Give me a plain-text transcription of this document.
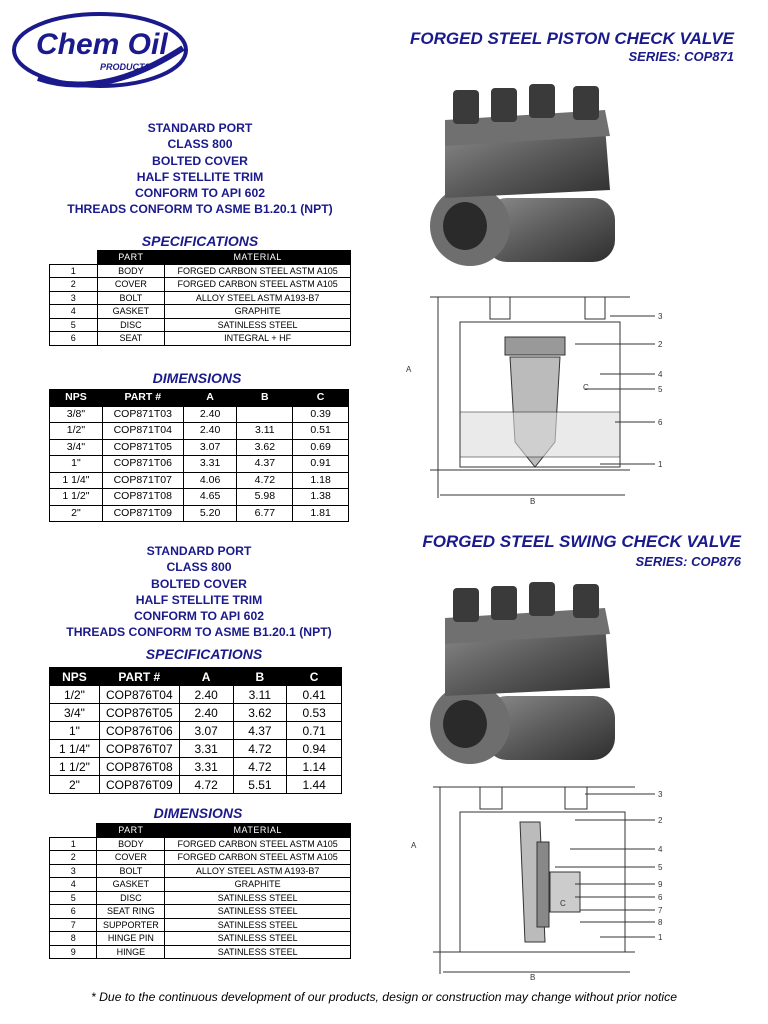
Chem Oil
PRODUCTS
FORGED STEEL PISTON CHECK VALVE
SERIES: COP871
STANDARD PORT
CLASS 800
BOLTED COVER
HALF STELLITE TRIM
CONFORM TO API 602
THREADS CONFORM TO ASME B1.20.1 (NPT)
SPECIFICATIONS
	PART	MATERIAL
1	BODY	FORGED CARBON STEEL ASTM A105
2	COVER	FORGED CARBON STEEL ASTM A105
3	BOLT	ALLOY STEEL ASTM A193-B7
4	GASKET	GRAPHITE
5	DISC	SATINLESS STEEL
6	SEAT	INTEGRAL + HF
DIMENSIONS
NPS	PART #	A	B	C
3/8"	COP871T03	2.40		0.39
1/2"	COP871T04	2.40	3.11	0.51
3/4"	COP871T05	3.07	3.62	0.69
1"	COP871T06	3.31	4.37	0.91
1 1/4"	COP871T07	4.06	4.72	1.18
1 1/2"	COP871T08	4.65	5.98	1.38
2"	COP871T09	5.20	6.77	1.81
A
B
C
1
2
3
4
5
6
FORGED STEEL SWING CHECK VALVE
SERIES: COP876
STANDARD PORT
CLASS 800
BOLTED COVER
HALF STELLITE TRIM
CONFORM TO API 602
THREADS CONFORM TO ASME B1.20.1 (NPT)
SPECIFICATIONS
NPS	PART #	A	B	C
1/2"	COP876T04	2.40	3.11	0.41
3/4"	COP876T05	2.40	3.62	0.53
1"	COP876T06	3.07	4.37	0.71
1 1/4"	COP876T07	3.31	4.72	0.94
1 1/2"	COP876T08	3.31	4.72	1.14
2"	COP876T09	4.72	5.51	1.44
DIMENSIONS
	PART	MATERIAL
1	BODY	FORGED CARBON STEEL ASTM A105
2	COVER	FORGED CARBON STEEL ASTM A105
3	BOLT	ALLOY STEEL ASTM A193-B7
4	GASKET	GRAPHITE
5	DISC	SATINLESS STEEL
6	SEAT RING	SATINLESS STEEL
7	SUPPORTER	SATINLESS STEEL
8	HINGE PIN	SATINLESS STEEL
9	HINGE	SATINLESS STEEL
A
B
C
1
2
3
4
5
6
7
8
9
* Due to the continuous development of our products, design or construction may change without prior notice
